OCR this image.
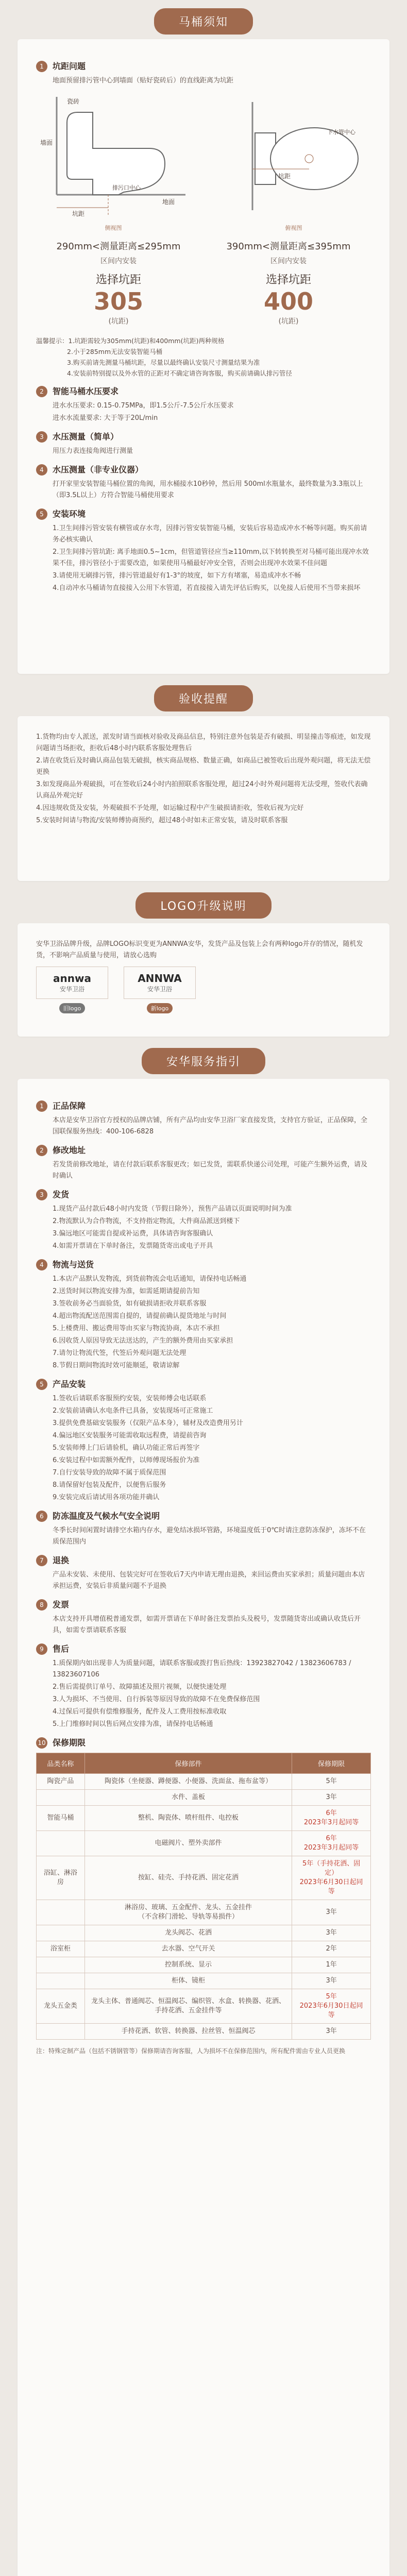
马桶须知
1	坑距问题
地面预留排污管中心到墙面（贴好瓷砖后）的直线距离为坑距
墙面
瓷砖
地面
排污口中心
坑距
侧视图
下水管中心
坑距
俯视图
290mm<测量距离≤295mm
区间内安装
选择坑距
305
(坑距)
390mm<测量距离≤395mm
区间内安装
选择坑距
400
(坑距)
温馨提示：1.坑距需较为305mm(坑距)和400mm(坑距)两种规格
2.小于285mm无法安装智能马桶
3.购买前请先测量马桶坑距，尽量以最终确认安装尺寸测量结果为准
4.安装前特别提以及外水管的正距对不确定请咨询客服，购买前请确认排污管径
2	智能马桶水压要求
进水水压要求: 0.15-0.75MPa，即1.5公斤-7.5公斤水压要求
进水水流量要求: 大于等于20L/min
3	水压测量（简单）
用压力表连接角阀进行测量
4	水压测量（非专业仪器）
打开家里安装智能马桶位置的角阀，用水桶接水10秒钟，然后用 500ml水瓶量水，最终数量为3.3瓶以上（即3.5L以上）方符合智能马桶使用要求
5	安装环境
1.卫生间排污管安装有横管或存水弯，因排污管安装智能马桶，安装后容易造成冲水不畅等问题。购买前请务必核实确认
2.卫生间排污管坑距: 离手地面0.5~1cm，但管道管径应当≥110mm,以下转转换至对马桶可能出现冲水效果不佳，排污管径小于需要改造，如果使用马桶最好冲安全管，否则会出现冲水效果不佳问题
3.请使用无刷排污管，排污管道最好有1-3°的坡度，如下方有堵塞，易造成冲水不畅
4.自动冲水马桶请勿直接接入公用下水管道，若直接接入请先评估后购买，以免接人后使用不当带来损坏
验收提醒
1.货物均由专人派送，派发时请当面核对验收及商品信息，特别注意外包装是否有破损、明显撞击等痕迹，如发现问题请当场拒收，拒收后48小时内联系客服处理售后
2.请在收货后及时确认商品包装无破损，核实商品规格、数量正确，如商品已被签收后出现外观问题，将无法无偿更换
3.如发现商品外观破损，可在签收后24小时内拍照联系客服处理，超过24小时外观问题将无法受理，签收代表确认商品外观完好
4.因违规收货及安装，外观破损不予处理，如运输过程中产生破损请拒收，签收后视为完好
5.安装时间请与物流/安装师傅协商预约，超过48小时如未正常安装，请及时联系客服
LOGO升级说明
安华卫浴品牌升级，品牌LOGO标识变更为ANNWA安华，发货产品及包装上会有两种logo并存的情况，随机发货，不影响产品质量与使用，请放心选购
annwa
安华卫浴
旧logo
ANNWA
安华卫浴
新logo
安华服务指引
1	正品保障
本店是安华卫浴官方授权的品牌店铺，所有产品均由安华卫浴厂家直接发货，支持官方验证，正品保障，全国联保服务热线：400-106-6828
2	修改地址
若发货前修改地址，请在付款后联系客服更改；如已发货，需联系快递公司处理，可能产生额外运费，请及时确认
3	发货
1.现货产品付款后48小时内发货（节假日除外），预售产品请以页面说明时间为准
2.物流默认为合作物流，不支持指定物流，大件商品派送到楼下
3.偏远地区可能需自提或补运费，具体请咨询客服确认
4.如需开票请在下单时备注，发票随货寄出或电子开具
4	物流与送货
1.本店产品默认发物流，到货前物流会电话通知，请保持电话畅通
2.送货时间以物流安排为准，如需延期请提前告知
3.签收前务必当面验货，如有破损请拒收并联系客服
4.超出物流配送范围需自提的，请提前确认提货地址与时间
5.上楼费用、搬运费用等由买家与物流协商，本店不承担
6.因收货人原因导致无法送达的，产生的额外费用由买家承担
7.请勿让物流代签，代签后外观问题无法处理
8.节假日期间物流时效可能顺延，敬请谅解
5	产品安装
1.签收后请联系客服预约安装，安装师傅会电话联系
2.安装前请确认水电条件已具备，安装现场可正常施工
3.提供免费基础安装服务（仅限产品本身），辅材及改造费用另计
4.偏远地区安装服务可能需收取远程费，请提前咨询
5.安装师傅上门后请验机，确认功能正常后再签字
6.安装过程中如需额外配件，以师傅现场报价为准
7.自行安装导致的故障不属于质保范围
8.请保留好包装及配件，以便售后服务
9.安装完成后请试用各项功能并确认
6	防冻温度及气候水气安全说明
冬季长时间闲置时请排空水箱内存水，避免结冰损坏管路，环境温度低于0℃时请注意防冻保护，冻坏不在质保范围内
7	退换
产品未安装、未使用、包装完好可在签收后7天内申请无理由退换，来回运费由买家承担；质量问题由本店承担运费，安装后非质量问题不予退换
8	发票
本店支持开具增值税普通发票，如需开票请在下单时备注发票抬头及税号，发票随货寄出或确认收货后开具，如需专票请联系客服
9	售后
1.质保期内如出现非人为质量问题，请联系客服或拨打售后热线：13923827042 / 13823606783 / 13823607106
2.售后需提供订单号、故障描述及照片视频，以便快速处理
3.人为损坏、不当使用、自行拆装等原因导致的故障不在免费保修范围
4.过保后可提供有偿维修服务，配件及人工费用按标准收取
5.上门维修时间以售后网点安排为准，请保持电话畅通
10 保修期限
品类名称	保修部件	保修期限
陶瓷产品	陶瓷体（坐便器、蹲便器、小便器、洗面盆、拖布盆等）	5年
	水件、盖板	3年
智能马桶	整机、陶瓷体、喷杆组件、电控板	6年
2023年3月起同等
	电磁阀片、塑外卖部件	6年
2023年3月起同等
浴缸、淋浴房	按缸、硅壳、手持花洒、固定花洒	5年（手持花洒、固定）
2023年6月30日起同等
	淋浴房、玻璃、五金配件、龙头、五金挂件
（不含移门滑轮、导轨等易损件）	3年
	龙头阀芯、花洒	3年
浴室柜	去水器、空气开关	2年
	控制系统、显示	1年
	柜体、镜柜	3年
龙头五金类	龙头主体、普通阀芯、恒温阀芯、编织管、水盒、转换器、花洒、手持花洒、五金挂件等	5年
2023年6月30日起同等
	手持花洒、软管、转换器、拉丝管、恒温阀芯	3年
注：特殊定制产品（包括不锈钢管等）保修期请咨询客服，人为损坏不在保修范围内，所有配件需由专业人员更换
